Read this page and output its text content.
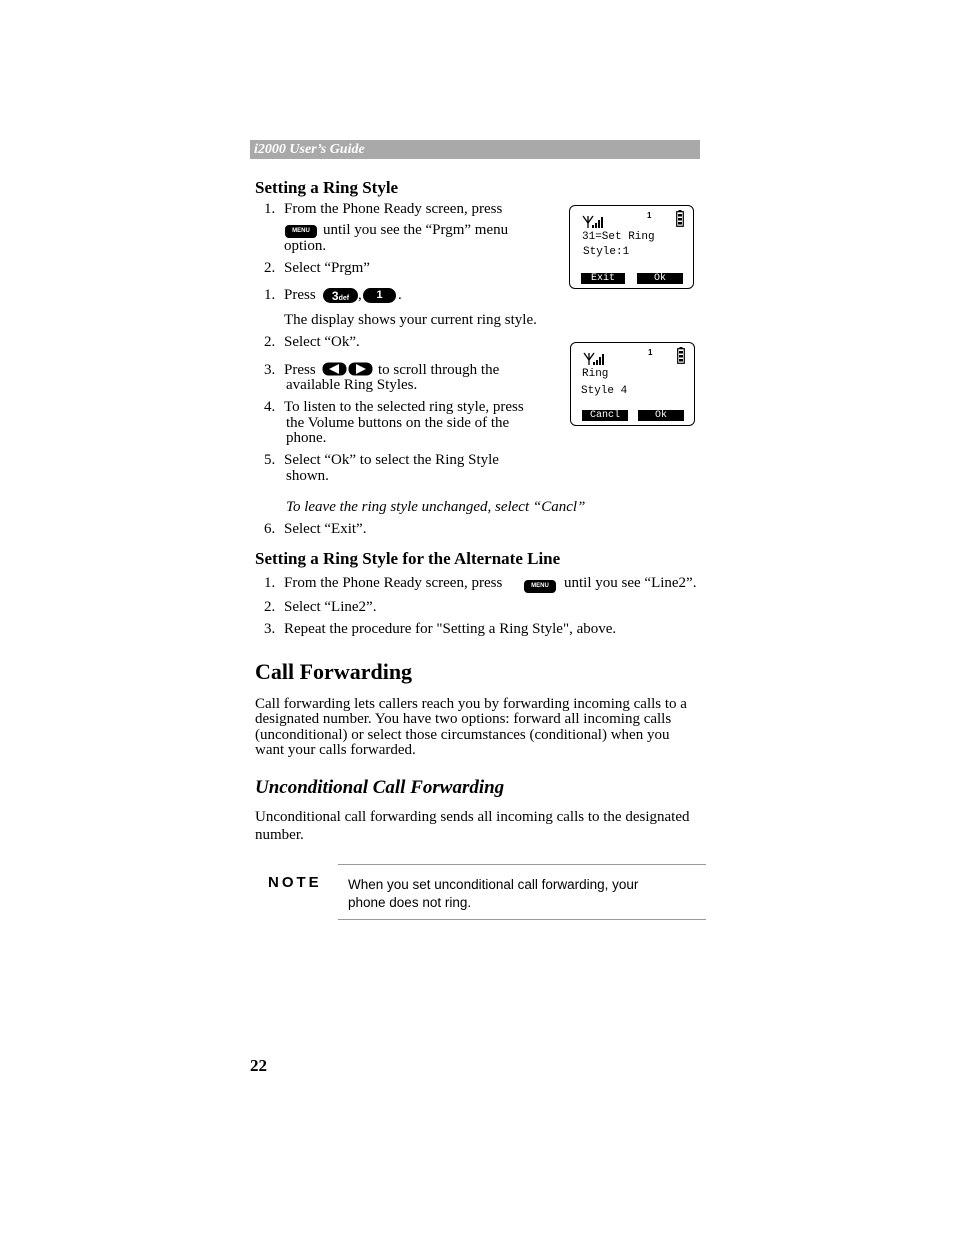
i2000 User’s Guide
Setting a Ring Style
1. From the Phone Ready screen, press
MENU until you see the “Prgm” menu
option.
2. Select “Prgm”
1. Press	3def ,	1	.
The display shows your current ring style.
2. Select “Ok”.
3. Press	to scroll through the
available Ring Styles.
4. To listen to the selected ring style, press
the Volume buttons on the side of the
phone.
5. Select “Ok” to select the Ring Style
shown.
To leave the ring style unchanged, select “Cancl”
6. Select “Exit”.
1
31=Set Ring
Style:1
Exit	Ok
1
Ring
Style 4
Cancl	Ok
Setting a Ring Style for the Alternate Line
1. From the Phone Ready screen, press	MENU	until you see “Line2”.
2. Select “Line2”.
3. Repeat the procedure for "Setting a Ring Style", above.
Call Forwarding
Call forwarding lets callers reach you by forwarding incoming calls to a
designated number. You have two options: forward all incoming calls
(unconditional) or select those circumstances (conditional) when you
want your calls forwarded.
Unconditional Call Forwarding
Unconditional call forwarding sends all incoming calls to the designated
number.
NOTE When you set unconditional call forwarding, your
phone does not ring.
22
